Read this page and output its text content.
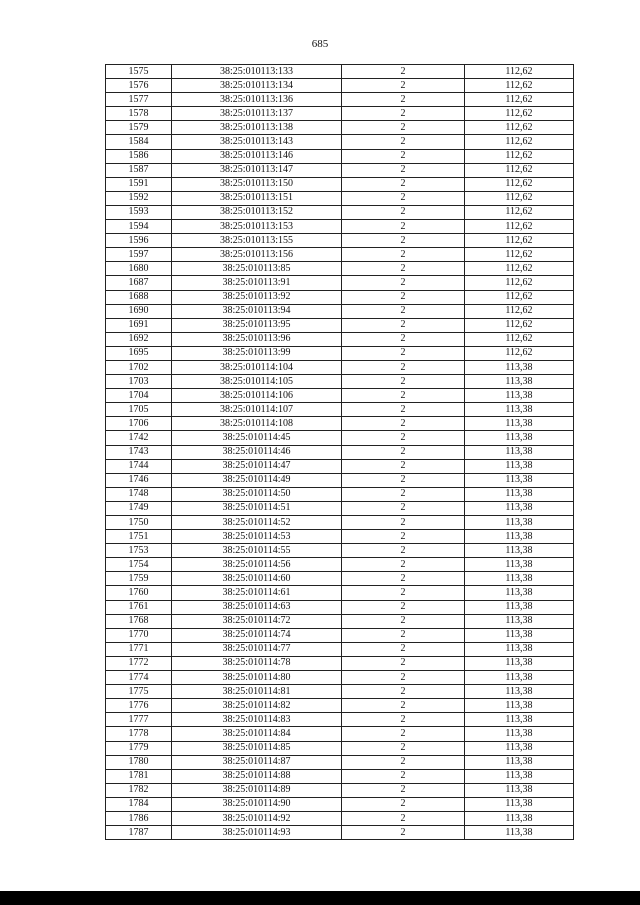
685
1575	38:25:010113:133	2	112,62
1576	38:25:010113:134	2	112,62
1577	38:25:010113:136	2	112,62
1578	38:25:010113:137	2	112,62
1579	38:25:010113:138	2	112,62
1584	38:25:010113:143	2	112,62
1586	38:25:010113:146	2	112,62
1587	38:25:010113:147	2	112,62
1591	38:25:010113:150	2	112,62
1592	38:25:010113:151	2	112,62
1593	38:25:010113:152	2	112,62
1594	38:25:010113:153	2	112,62
1596	38:25:010113:155	2	112,62
1597	38:25:010113:156	2	112,62
1680	38:25:010113:85	2	112,62
1687	38:25:010113:91	2	112,62
1688	38:25:010113:92	2	112,62
1690	38:25:010113:94	2	112,62
1691	38:25:010113:95	2	112,62
1692	38:25:010113:96	2	112,62
1695	38:25:010113:99	2	112,62
1702	38:25:010114:104	2	113,38
1703	38:25:010114:105	2	113,38
1704	38:25:010114:106	2	113,38
1705	38:25:010114:107	2	113,38
1706	38:25:010114:108	2	113,38
1742	38:25:010114:45	2	113,38
1743	38:25:010114:46	2	113,38
1744	38:25:010114:47	2	113,38
1746	38:25:010114:49	2	113,38
1748	38:25:010114:50	2	113,38
1749	38:25:010114:51	2	113,38
1750	38:25:010114:52	2	113,38
1751	38:25:010114:53	2	113,38
1753	38:25:010114:55	2	113,38
1754	38:25:010114:56	2	113,38
1759	38:25:010114:60	2	113,38
1760	38:25:010114:61	2	113,38
1761	38:25:010114:63	2	113,38
1768	38:25:010114:72	2	113,38
1770	38:25:010114:74	2	113,38
1771	38:25:010114:77	2	113,38
1772	38:25:010114:78	2	113,38
1774	38:25:010114:80	2	113,38
1775	38:25:010114:81	2	113,38
1776	38:25:010114:82	2	113,38
1777	38:25:010114:83	2	113,38
1778	38:25:010114:84	2	113,38
1779	38:25:010114:85	2	113,38
1780	38:25:010114:87	2	113,38
1781	38:25:010114:88	2	113,38
1782	38:25:010114:89	2	113,38
1784	38:25:010114:90	2	113,38
1786	38:25:010114:92	2	113,38
1787	38:25:010114:93	2	113,38
